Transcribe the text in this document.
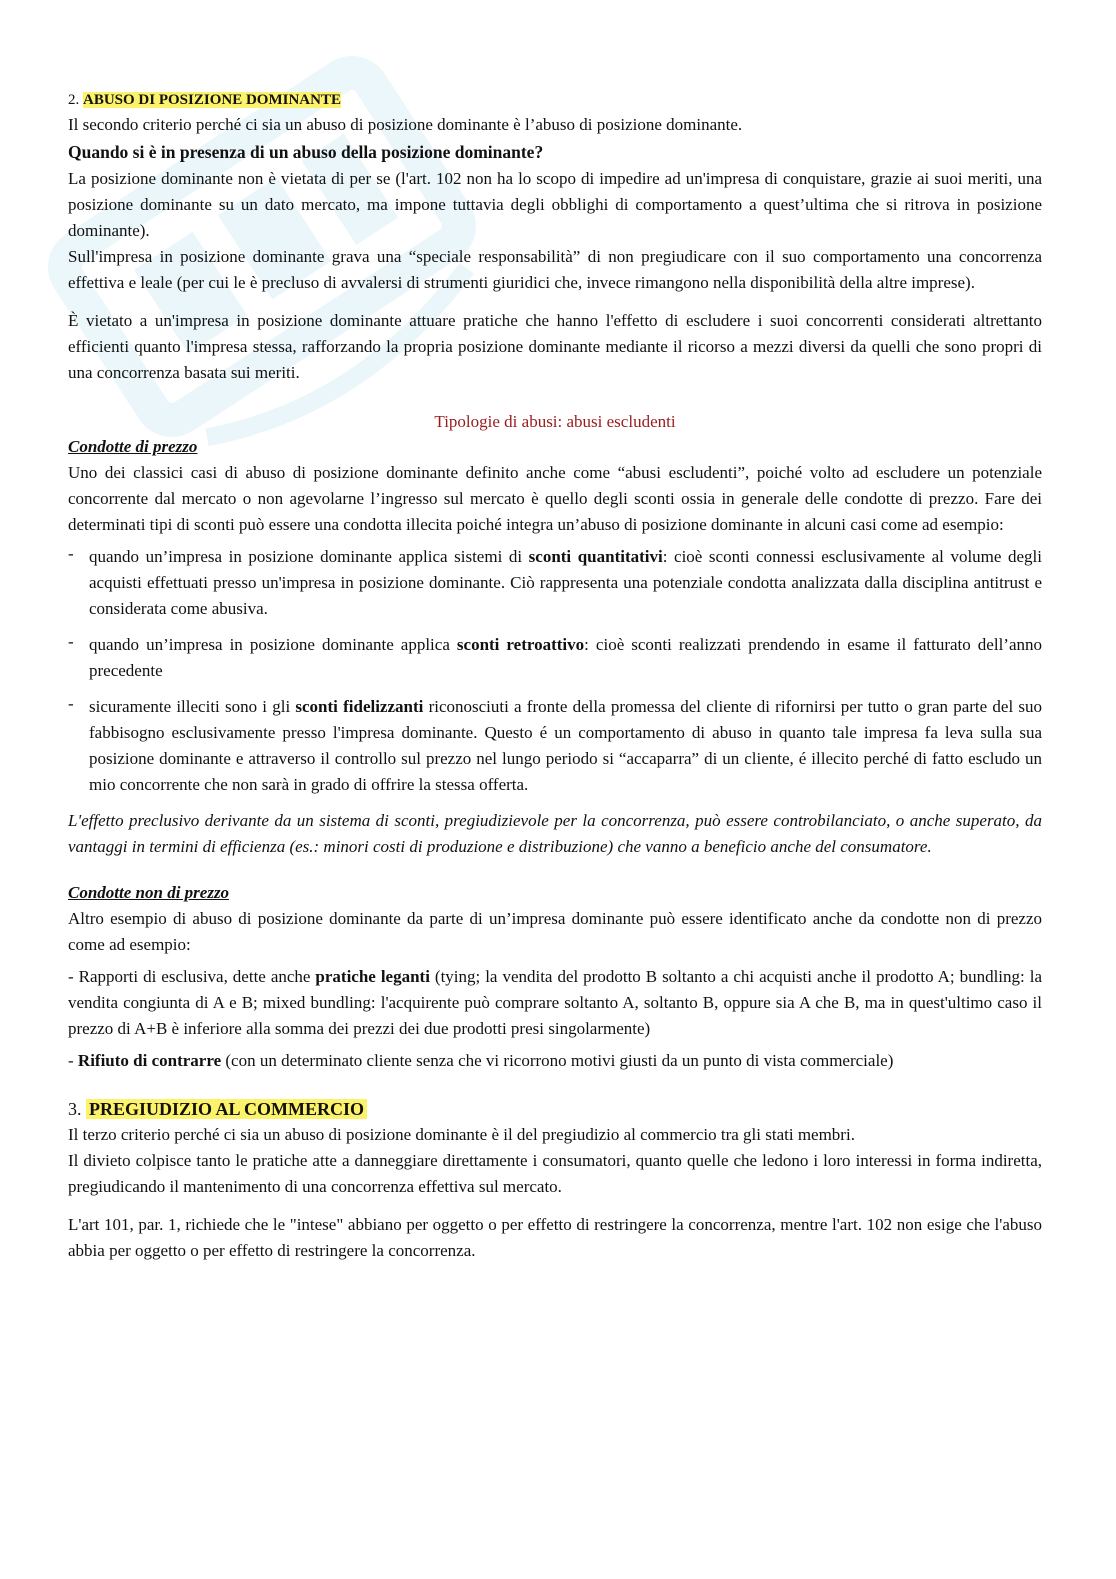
2. ABUSO DI POSIZIONE DOMINANTE

Il secondo criterio perché ci sia un abuso di posizione dominante è l’abuso di posizione dominante.

Quando si è in presenza di un abuso della posizione dominante?

La posizione dominante non è vietata di per se (l'art. 102 non ha lo scopo di impedire ad un'impresa di conquistare, grazie ai suoi meriti, una posizione dominante su un dato mercato, ma impone tuttavia degli obblighi di comportamento a quest’ultima che si ritrova in posizione dominante).

Sull'impresa in posizione dominante grava una “speciale responsabilità” di non pregiudicare con il suo comportamento una concorrenza effettiva e leale (per cui le è precluso di avvalersi di strumenti giuridici che, invece rimangono nella disponibilità della altre imprese).

È vietato a un'impresa in posizione dominante attuare pratiche che hanno l'effetto di escludere i suoi concorrenti considerati altrettanto efficienti quanto l'impresa stessa, rafforzando la propria posizione dominante mediante il ricorso a mezzi diversi da quelli che sono propri di una concorrenza basata sui meriti.

Tipologie di abusi: abusi escludenti

Condotte di prezzo

Uno dei classici casi di abuso di posizione dominante definito anche come “abusi escludenti”, poiché volto ad escludere un potenziale concorrente dal mercato o non agevolarne l’ingresso sul mercato è quello degli sconti ossia in generale delle condotte di prezzo. Fare dei determinati tipi di sconti può essere una condotta illecita poiché integra un’abuso di posizione dominante in alcuni casi come ad esempio:

- quando un’impresa in posizione dominante applica sistemi di sconti quantitativi: cioè sconti connessi esclusivamente al volume degli acquisti effettuati presso un'impresa in posizione dominante. Ciò rappresenta una potenziale condotta analizzata dalla disciplina antitrust e considerata come abusiva.
- quando un’impresa in posizione dominante applica sconti retroattivo: cioè sconti realizzati prendendo in esame il fatturato dell’anno precedente
- sicuramente illeciti sono i gli sconti fidelizzanti riconosciuti a fronte della promessa del cliente di rifornirsi per tutto o gran parte del suo fabbisogno esclusivamente presso l'impresa dominante. Questo é un comportamento di abuso in quanto tale impresa fa leva sulla sua posizione dominante e attraverso il controllo sul prezzo nel lungo periodo si “accaparra” di un cliente, é illecito perché di fatto escludo un mio concorrente che non sarà in grado di offrire la stessa offerta.

L'effetto preclusivo derivante da un sistema di sconti, pregiudizievole per la concorrenza, può essere controbilanciato, o anche superato, da vantaggi in termini di efficienza (es.: minori costi di produzione e distribuzione) che vanno a beneficio anche del consumatore.

Condotte non di prezzo

Altro esempio di abuso di posizione dominante da parte di un’impresa dominante può essere identificato anche da condotte non di prezzo come ad esempio:

- Rapporti di esclusiva, dette anche pratiche leganti (tying; la vendita del prodotto B soltanto a chi acquisti anche il prodotto A; bundling: la vendita congiunta di A e B; mixed bundling: l'acquirente può comprare soltanto A, soltanto B, oppure sia A che B, ma in quest'ultimo caso il prezzo di A+B è inferiore alla somma dei prezzi dei due prodotti presi singolarmente)

- Rifiuto di contrarre (con un determinato cliente senza che vi ricorrono motivi giusti da un punto di vista commerciale)

3. PREGIUDIZIO AL COMMERCIO

Il terzo criterio perché ci sia un abuso di posizione dominante è il del pregiudizio al commercio tra gli stati membri.

Il divieto colpisce tanto le pratiche atte a danneggiare direttamente i consumatori, quanto quelle che ledono i loro interessi in forma indiretta, pregiudicando il mantenimento di una concorrenza effettiva sul mercato.

L'art 101, par. 1, richiede che le "intese" abbiano per oggetto o per effetto di restringere la concorrenza, mentre l'art. 102 non esige che l'abuso abbia per oggetto o per effetto di restringere la concorrenza.
